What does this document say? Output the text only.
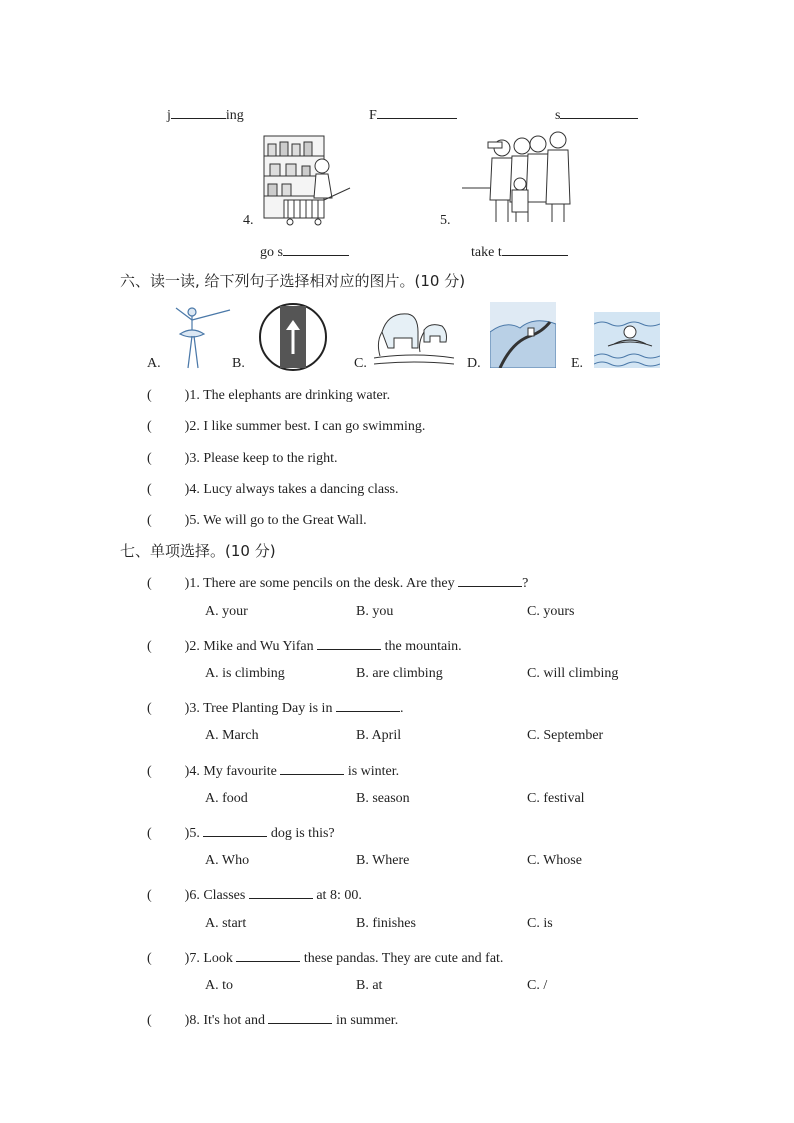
j	ing	F	s
4.
go s
5.
take t
六、读一读, 给下列句子选择相对应的图片。(10 分)
A.	B.	C.	D.	E.
( )1. The elephants are drinking water.
( )2. I like summer best. I can go swimming.
( )3. Please keep to the right.
( )4. Lucy always takes a dancing class.
( )5. We will go to the Great Wall.
七、单项选择。(10 分)
( )1. There are some pencils on the desk. Are they	?
A. your	B. you	C. yours
( )2. Mike and Wu Yifan	the mountain.
A. is climbing	B. are climbing	C. will climbing
( )3. Tree Planting Day is in	.
A. March	B. April	C. September
( )4. My favourite	is winter.
A. food	B. season	C. festival
( )5.	dog is this?
A. Who	B. Where	C. Whose
( )6. Classes	at 8: 00.
A. start	B. finishes	C. is
( )7. Look	these pandas. They are cute and fat.
A. to	B. at	C. /
( )8. It's hot and	in summer.
